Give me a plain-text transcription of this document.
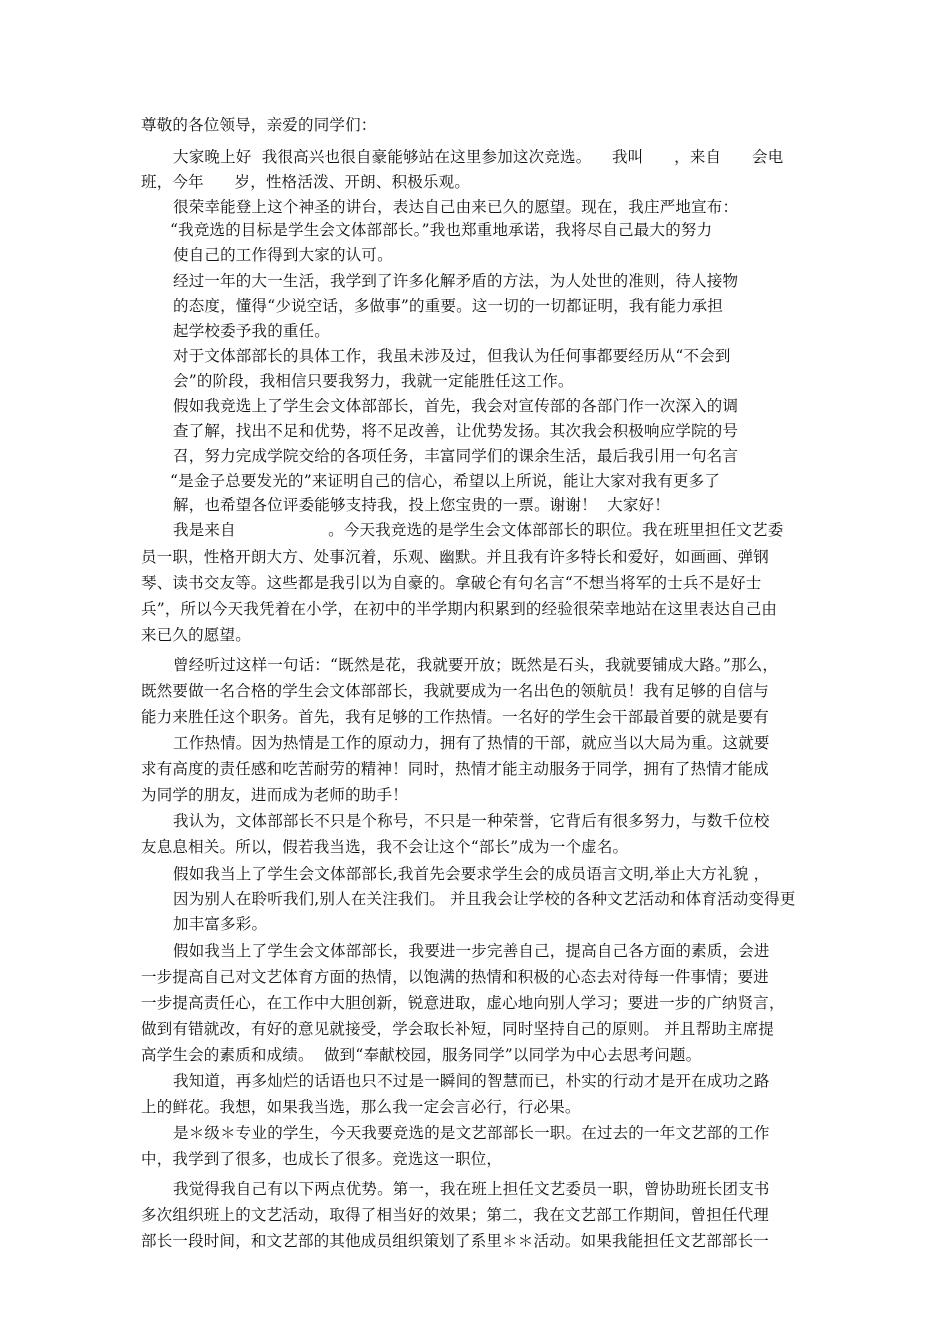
尊敬的各位领导，亲爱的同学们：
大家晚上好  我很高兴也很自豪能够站在这里参加这次竞选。    我叫      ，来自      会电
班，今年      岁，性格活泼、开朗、积极乐观。
很荣幸能登上这个神圣的讲台，表达自己由来已久的愿望。现在，我庄严地宣布：
“我竞选的目标是学生会文体部部长。”我也郑重地承诺，我将尽自己最大的努力
使自己的工作得到大家的认可。
经过一年的大一生活，我学到了许多化解矛盾的方法，为人处世的准则，待人接物
的态度，懂得“少说空话，多做事”的重要。这一切的一切都证明，我有能力承担
起学校委予我的重任。
对于文体部部长的具体工作，我虽未涉及过，但我认为任何事都要经历从“不会到
会”的阶段，我相信只要我努力，我就一定能胜任这工作。
假如我竞选上了学生会文体部部长，首先，我会对宣传部的各部门作一次深入的调
查了解，找出不足和优势，将不足改善，让优势发扬。其次我会积极响应学院的号
召，努力完成学院交给的各项任务，丰富同学们的课余生活，最后我引用一句名言
“是金子总要发光的”来证明自己的信心，希望以上所说，能让大家对我有更多了
解，也希望各位评委能够支持我，投上您宝贵的一票。谢谢！  大家好！
我是来自                  。今天我竞选的是学生会文体部部长的职位。我在班里担任文艺委
员一职，性格开朗大方、处事沉着，乐观、幽默。并且我有许多特长和爱好，如画画、弹钢
琴、读书交友等。这些都是我引以为自豪的。拿破仑有句名言“不想当将军的士兵不是好士
兵”，所以今天我凭着在小学，在初中的半学期内积累到的经验很荣幸地站在这里表达自己由
来已久的愿望。
曾经听过这样一句话：“既然是花，我就要开放；既然是石头，我就要铺成大路。”那么，
既然要做一名合格的学生会文体部部长，我就要成为一名出色的领航员！我有足够的自信与
能力来胜任这个职务。首先，我有足够的工作热情。一名好的学生会干部最首要的就是要有
工作热情。因为热情是工作的原动力，拥有了热情的干部，就应当以大局为重。这就要
求有高度的责任感和吃苦耐劳的精神！同时，热情才能主动服务于同学，拥有了热情才能成
为同学的朋友，进而成为老师的助手！
我认为，文体部部长不只是个称号，不只是一种荣誉，它背后有很多努力，与数千位校
友息息相关。所以，假若我当选，我不会让这个“部长”成为一个虚名。
假如我当上了学生会文体部部长,我首先会要求学生会的成员语言文明,举止大方礼貌 ，
因为别人在聆听我们,别人在关注我们。 并且我会让学校的各种文艺活动和体育活动变得更
加丰富多彩。
假如我当上了学生会文体部部长，我要进一步完善自己，提高自己各方面的素质，会进
一步提高自己对文艺体育方面的热情，以饱满的热情和积极的心态去对待每一件事情；要进
一步提高责任心，在工作中大胆创新，锐意进取，虚心地向别人学习；要进一步的广纳贤言，
做到有错就改，有好的意见就接受，学会取长补短，同时坚持自己的原则。 并且帮助主席提
高学生会的素质和成绩。  做到“奉献校园，服务同学”以同学为中心去思考问题。
我知道，再多灿烂的话语也只不过是一瞬间的智慧而已，朴实的行动才是开在成功之路
上的鲜花。我想，如果我当选，那么我一定会言必行，行必果。
是＊级＊专业的学生，今天我要竞选的是文艺部部长一职。在过去的一年文艺部的工作
中，我学到了很多，也成长了很多。竞选这一职位，
我觉得我自己有以下两点优势。第一，我在班上担任文艺委员一职，曾协助班长团支书
多次组织班上的文艺活动，取得了相当好的效果；第二，我在文艺部工作期间，曾担任代理
部长一段时间，和文艺部的其他成员组织策划了系里＊＊活动。如果我能担任文艺部部长一
